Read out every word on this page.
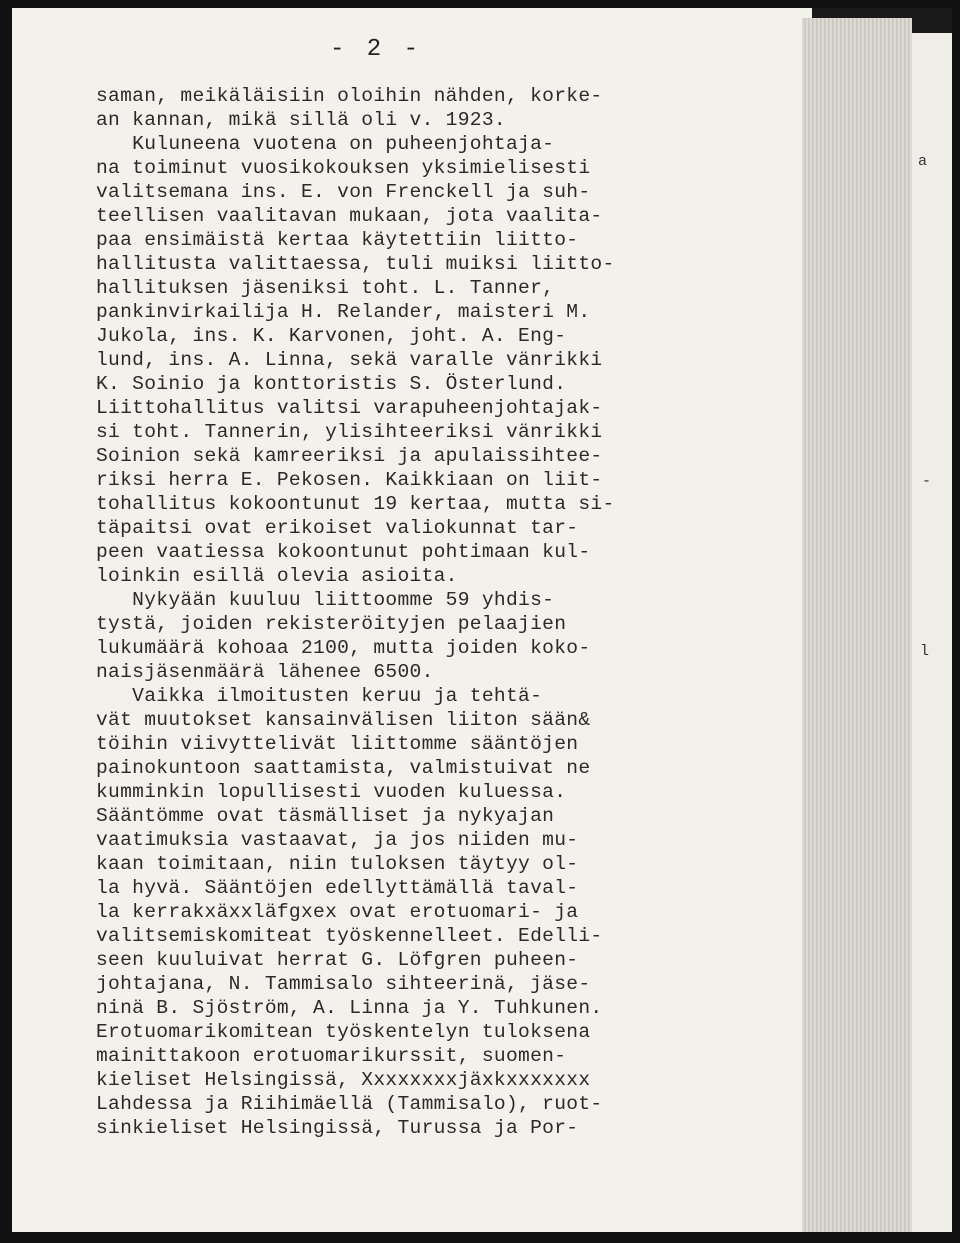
- 2 -
saman, meikäläisiin oloihin nähden, korke-
an kannan, mikä sillä oli v. 1923.
Kuluneena vuotena on puheenjohtaja-
na toiminut vuosikokouksen yksimielisesti
valitsemana ins. E. von Frenckell ja suh-
teellisen vaalitavan mukaan, jota vaalita-
paa ensimäistä kertaa käytettiin liitto-
hallitusta valittaessa, tuli muiksi liitto-
hallituksen jäseniksi toht. L. Tanner,
pankinvirkailija H. Relander, maisteri M.
Jukola, ins. K. Karvonen, joht. A. Eng-
lund, ins. A. Linna, sekä varalle vänrikki
K. Soinio ja konttoristis S. Österlund.
Liittohallitus valitsi varapuheenjohtajak-
si toht. Tannerin, ylisihteeriksi vänrikki
Soinion sekä kamreeriksi ja apulaissihtee-
riksi herra E. Pekosen. Kaikkiaan on liit-
tohallitus kokoontunut 19 kertaa, mutta si-
täpaitsi ovat erikoiset valiokunnat tar-
peen vaatiessa kokoontunut pohtimaan kul-
loinkin esillä olevia asioita.
Nykyään kuuluu liittoomme 59 yhdis-
tystä, joiden rekisteröityjen pelaajien
lukumäärä kohoaa 2100, mutta joiden koko-
naisjäsenmäärä lähenee 6500.
Vaikka ilmoitusten keruu ja tehtä-
vät muutokset kansainvälisen liiton sään&
töihin viivyttelivät liittomme sääntöjen
painokuntoon saattamista, valmistuivat ne
kumminkin lopullisesti vuoden kuluessa.
Sääntömme ovat täsmälliset ja nykyajan
vaatimuksia vastaavat, ja jos niiden mu-
kaan toimitaan, niin tuloksen täytyy ol-
la hyvä. Sääntöjen edellyttämällä taval-
la kerrakxäxxläfgxex ovat erotuomari- ja
valitsemiskomiteat työskennelleet. Edelli-
seen kuuluivat herrat G. Löfgren puheen-
johtajana, N. Tammisalo sihteerinä, jäse-
ninä B. Sjöström, A. Linna ja Y. Tuhkunen.
Erotuomarikomitean työskentelyn tuloksena
mainittakoon erotuomarikurssit, suomen-
kieliset Helsingissä, Xxxxxxxxjäxkxxxxxxx
Lahdessa ja Riihimäellä (Tammisalo), ruot-
sinkieliset Helsingissä, Turussa ja Por-
a
-
l
